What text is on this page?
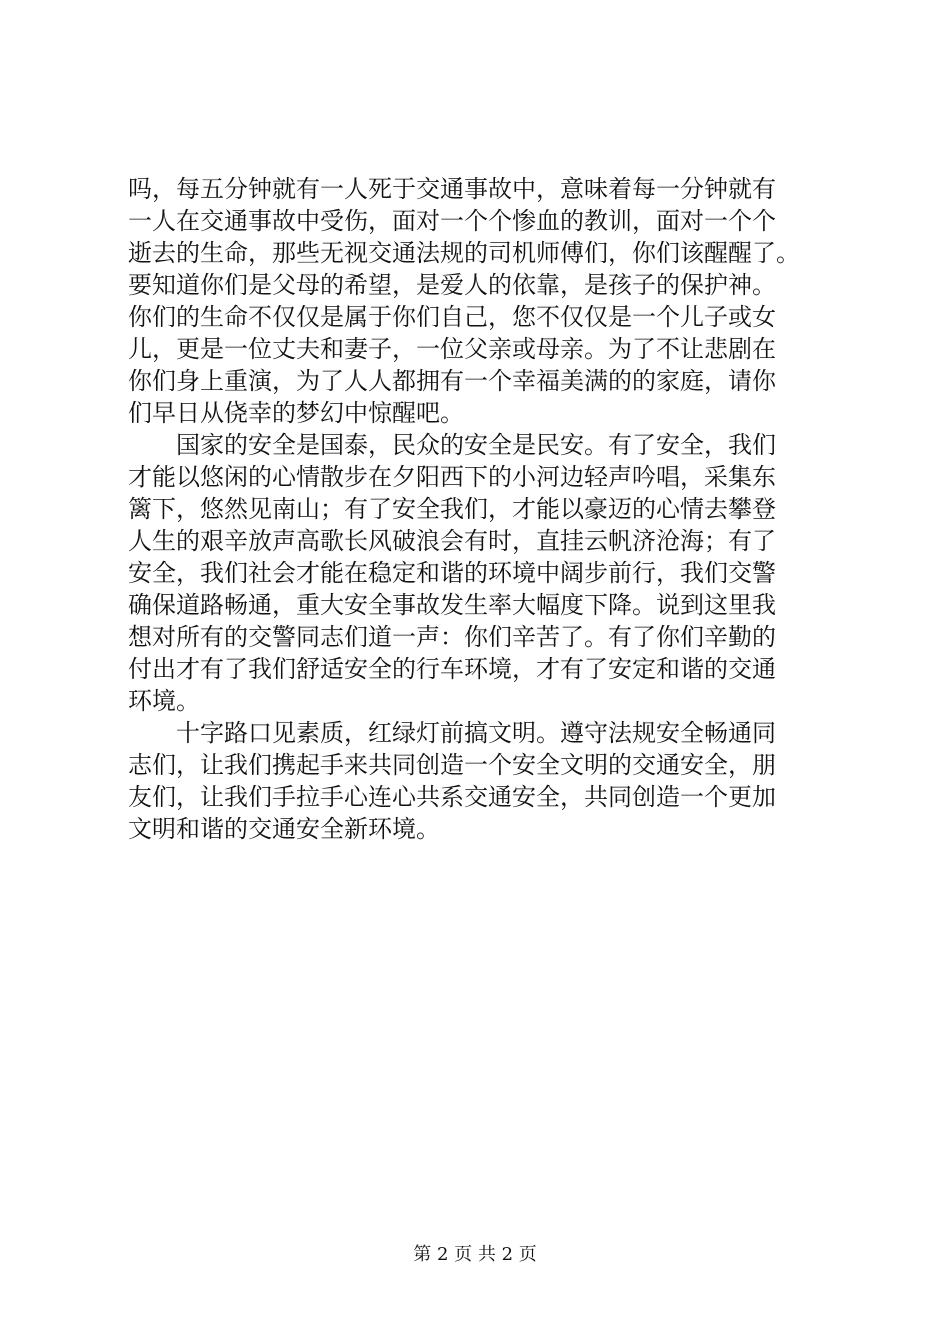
吗，每五分钟就有一人死于交通事故中，意味着每一分钟就有
一人在交通事故中受伤，面对一个个惨血的教训，面对一个个
逝去的生命，那些无视交通法规的司机师傅们，你们该醒醒了。
要知道你们是父母的希望，是爱人的依靠，是孩子的保护神。
你们的生命不仅仅是属于你们自己，您不仅仅是一个儿子或女
儿，更是一位丈夫和妻子，一位父亲或母亲。为了不让悲剧在
你们身上重演，为了人人都拥有一个幸福美满的的家庭，请你
们早日从侥幸的梦幻中惊醒吧。
　　国家的安全是国泰，民众的安全是民安。有了安全，我们
才能以悠闲的心情散步在夕阳西下的小河边轻声吟唱，采集东
篱下，悠然见南山；有了安全我们，才能以豪迈的心情去攀登
人生的艰辛放声高歌长风破浪会有时，直挂云帆济沧海；有了
安全，我们社会才能在稳定和谐的环境中阔步前行，我们交警
确保道路畅通，重大安全事故发生率大幅度下降。说到这里我
想对所有的交警同志们道一声：你们辛苦了。有了你们辛勤的
付出才有了我们舒适安全的行车环境，才有了安定和谐的交通
环境。
　　十字路口见素质，红绿灯前搞文明。遵守法规安全畅通同
志们，让我们携起手来共同创造一个安全文明的交通安全，朋
友们，让我们手拉手心连心共系交通安全，共同创造一个更加
文明和谐的交通安全新环境。
第 2 页 共 2 页
